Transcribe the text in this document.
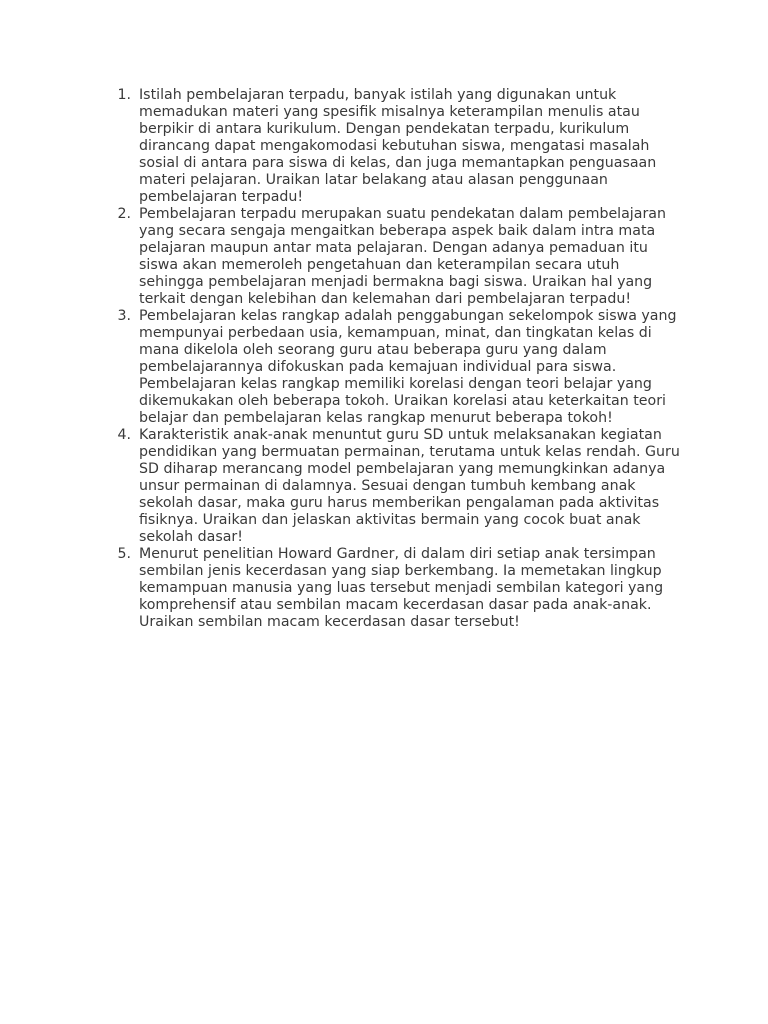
1. Istilah pembelajaran terpadu, banyak istilah yang digunakan untuk memadukan materi yang spesifik misalnya keterampilan menulis atau berpikir di antara kurikulum. Dengan pendekatan terpadu, kurikulum dirancang dapat mengakomodasi kebutuhan siswa, mengatasi masalah sosial di antara para siswa di kelas, dan juga memantapkan penguasaan materi pelajaran. Uraikan latar belakang atau alasan penggunaan pembelajaran terpadu!
2. Pembelajaran terpadu merupakan suatu pendekatan dalam pembelajaran yang secara sengaja mengaitkan beberapa aspek baik dalam intra mata pelajaran maupun antar mata pelajaran. Dengan adanya pemaduan itu siswa akan memeroleh pengetahuan dan keterampilan secara utuh sehingga pembelajaran menjadi bermakna bagi siswa. Uraikan hal yang terkait dengan kelebihan dan kelemahan dari pembelajaran terpadu!
3. Pembelajaran kelas rangkap adalah penggabungan sekelompok siswa yang mempunyai perbedaan usia, kemampuan, minat, dan tingkatan kelas di mana dikelola oleh seorang guru atau beberapa guru yang dalam pembelajarannya difokuskan pada kemajuan individual para siswa. Pembelajaran kelas rangkap memiliki korelasi dengan teori belajar yang dikemukakan oleh beberapa tokoh. Uraikan korelasi atau keterkaitan teori belajar dan pembelajaran kelas rangkap menurut beberapa tokoh!
4. Karakteristik anak-anak menuntut guru SD untuk melaksanakan kegiatan pendidikan yang bermuatan permainan, terutama untuk kelas rendah. Guru SD diharap merancang model pembelajaran yang memungkinkan adanya unsur permainan di dalamnya. Sesuai dengan tumbuh kembang anak sekolah dasar, maka guru harus memberikan pengalaman pada aktivitas fisiknya. Uraikan dan jelaskan aktivitas bermain yang cocok buat anak sekolah dasar!
5. Menurut penelitian Howard Gardner, di dalam diri setiap anak tersimpan sembilan jenis kecerdasan yang siap berkembang. Ia memetakan lingkup kemampuan manusia yang luas tersebut menjadi sembilan kategori yang komprehensif atau sembilan macam kecerdasan dasar pada anak-anak. Uraikan sembilan macam kecerdasan dasar tersebut!
